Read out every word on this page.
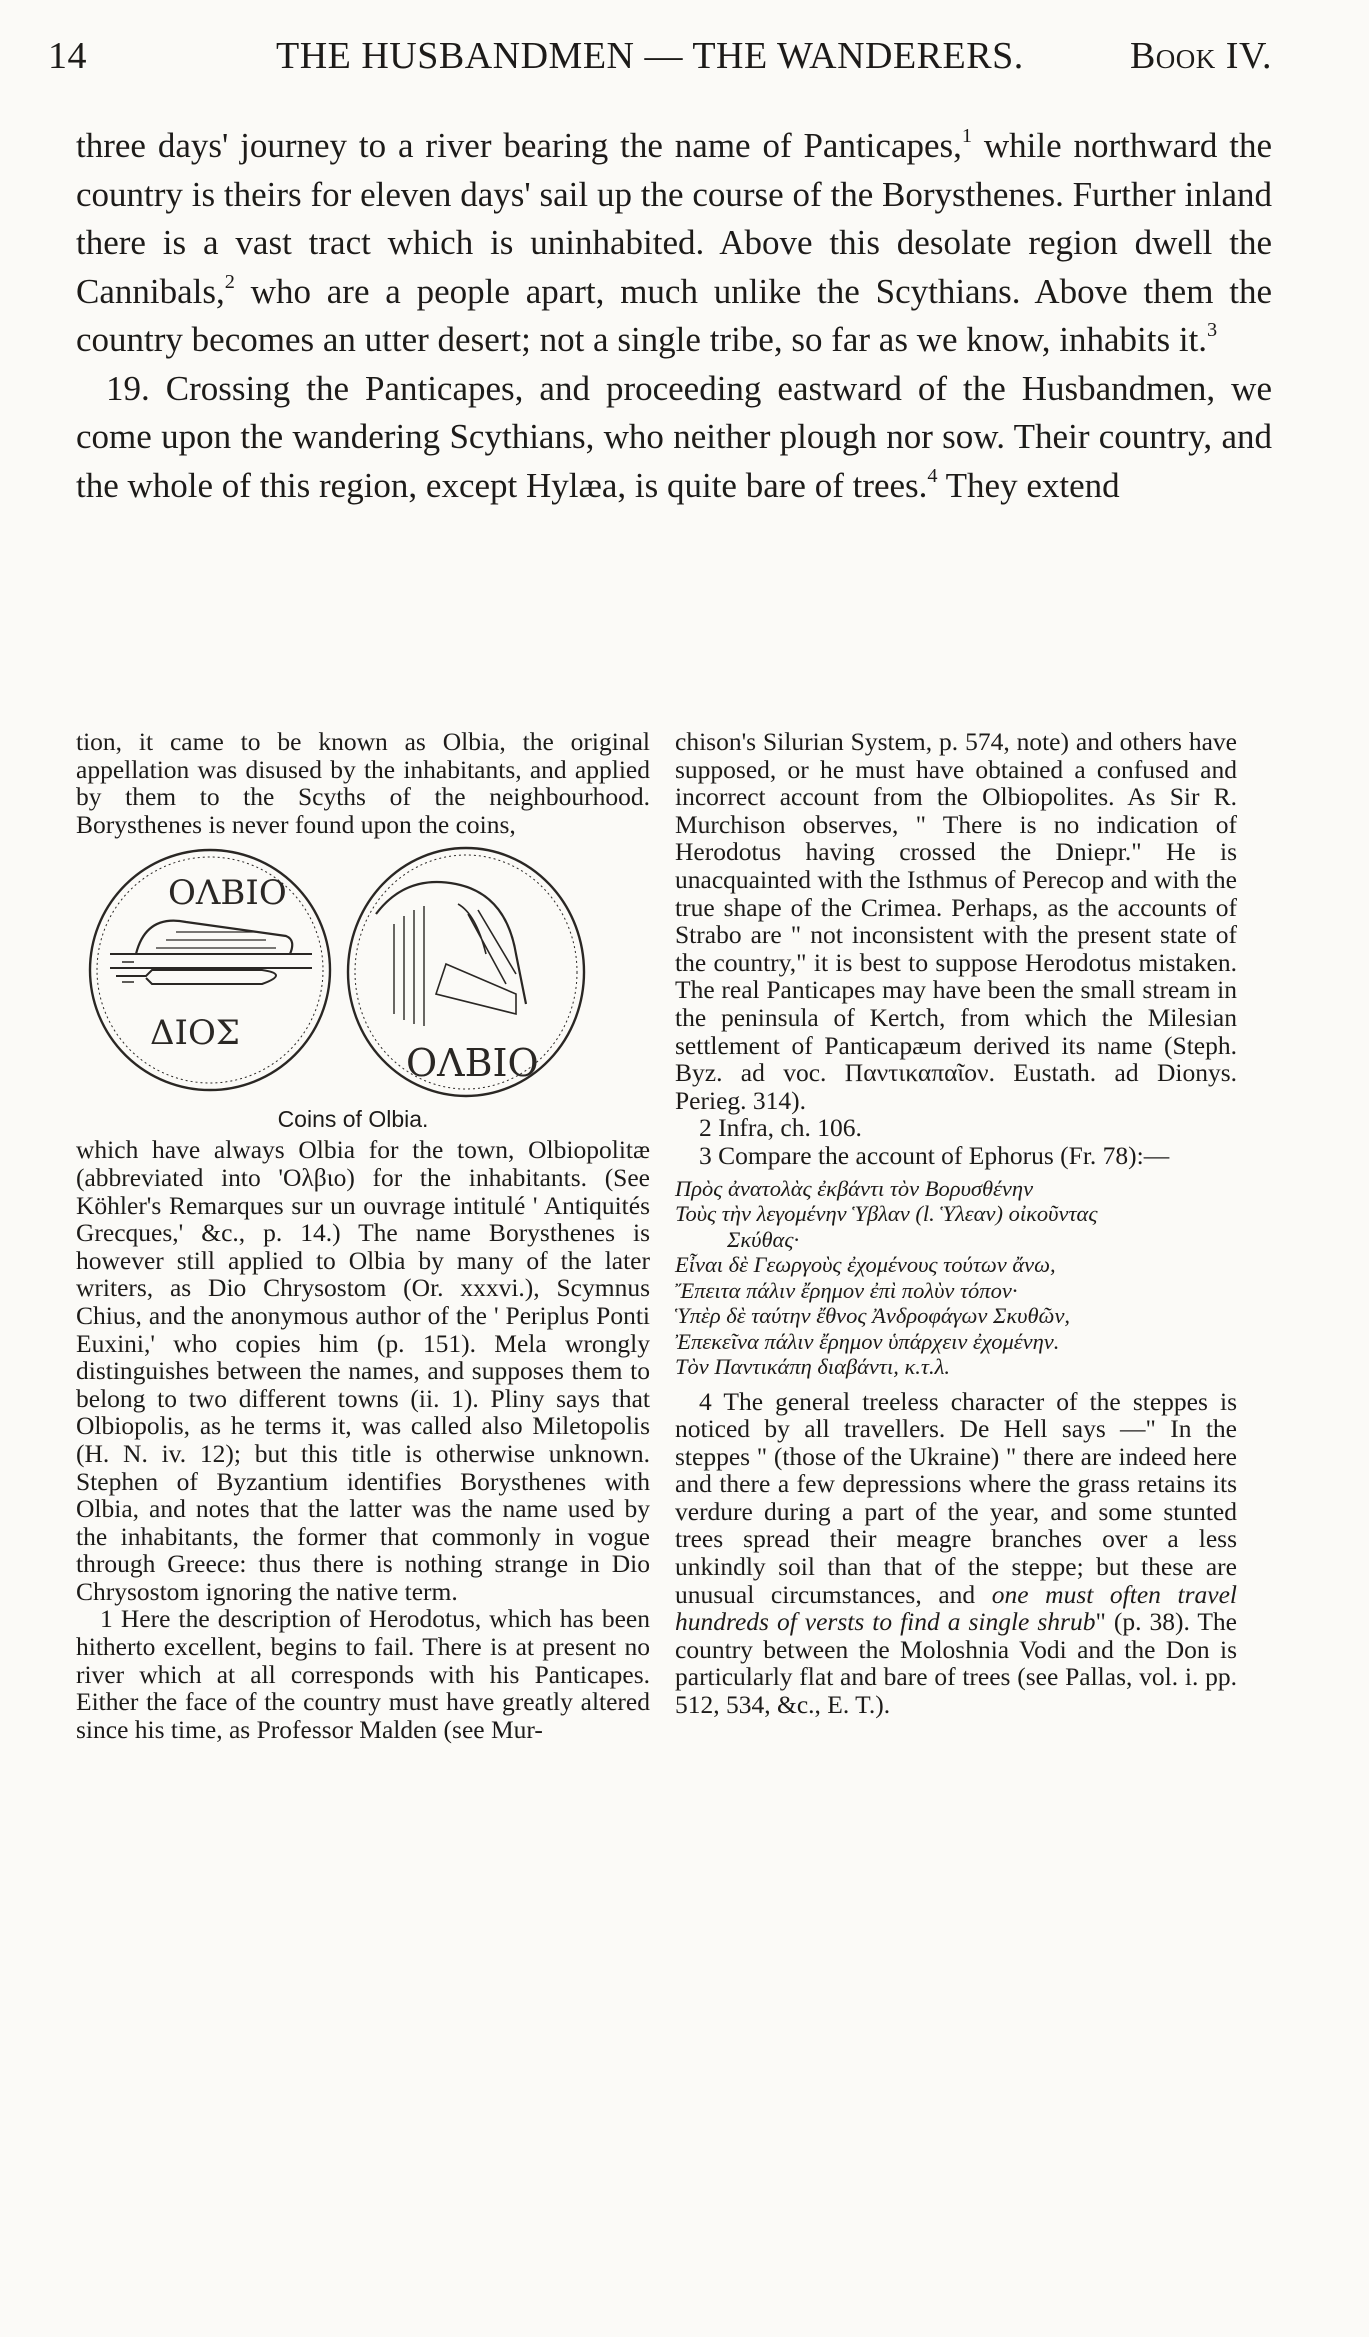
14	THE HUSBANDMEN — THE WANDERERS.	Book IV.

three days' journey to a river bearing the name of Panticapes,$^1$ while northward the country is theirs for eleven days' sail up the course of the Borysthenes. Further inland there is a vast tract which is uninhabited. Above this desolate region dwell the Cannibals,$^2$ who are a people apart, much unlike the Scythians. Above them the country becomes an utter desert; not a single tribe, so far as we know, inhabits it.$^3$

19. Crossing the Panticapes, and proceeding eastward of the Husbandmen, we come upon the wandering Scythians, who neither plough nor sow. Their country, and the whole of this region, except Hylæa, is quite bare of trees.$^4$ They extend

tion, it came to be known as Olbia, the original appellation was disused by the inhabitants, and applied by them to the Scyths of the neighbourhood. Borysthenes is never found upon the coins,

ΟΛΒΙΟ
ΔΙΟΣ
ΟΛΒΙΟ

Coins of Olbia.

which have always Olbia for the town, Olbiopolitæ (abbreviated into 'Ολβιο) for the inhabitants. (See Köhler's Remarques sur un ouvrage intitulé ' Antiquités Grecques,' &c., p. 14.) The name Borysthenes is however still applied to Olbia by many of the later writers, as Dio Chrysostom (Or. xxxvi.), Scymnus Chius, and the anonymous author of the ' Periplus Ponti Euxini,' who copies him (p. 151). Mela wrongly distinguishes between the names, and supposes them to belong to two different towns (ii. 1). Pliny says that Olbiopolis, as he terms it, was called also Miletopolis (H. N. iv. 12); but this title is otherwise unknown. Stephen of Byzantium identifies Borysthenes with Olbia, and notes that the latter was the name used by the inhabitants, the former that commonly in vogue through Greece: thus there is nothing strange in Dio Chrysostom ignoring the native term.

1 Here the description of Herodotus, which has been hitherto excellent, begins to fail. There is at present no river which at all corresponds with his Panticapes. Either the face of the country must have greatly altered since his time, as Professor Malden (see Mur-

chison's Silurian System, p. 574, note) and others have supposed, or he must have obtained a confused and incorrect account from the Olbiopolites. As Sir R. Murchison observes, " There is no indication of Herodotus having crossed the Dniepr." He is unacquainted with the Isthmus of Perecop and with the true shape of the Crimea. Perhaps, as the accounts of Strabo are " not inconsistent with the present state of the country," it is best to suppose Herodotus mistaken. The real Panticapes may have been the small stream in the peninsula of Kertch, from which the Milesian settlement of Panticapæum derived its name (Steph. Byz. ad voc. Παντικαπαῖον. Eustath. ad Dionys. Perieg. 314).

2 Infra, ch. 106.

3 Compare the account of Ephorus (Fr. 78):—

Πρὸς ἀνατολὰς ἐκβάντι τὸν Βορυσθένην
Τοὺς τὴν λεγομένην Ὑβλαν (l. Ὑλεαν) οἰκοῦντας
Σκύθας·
Εἶναι δὲ Γεωργοὺς ἐχομένους τούτων ἄνω,
Ἔπειτα πάλιν ἔρημον ἐπὶ πολὺν τόπον·
Ὑπὲρ δὲ ταύτην ἔθνος Ἀνδροφάγων Σκυθῶν,
Ἐπεκεῖνα πάλιν ἔρημον ὑπάρχειν ἐχομένην.
Τὸν Παντικάπη διαβάντι, κ.τ.λ.

4 The general treeless character of the steppes is noticed by all travellers. De Hell says —" In the steppes " (those of the Ukraine) " there are indeed here and there a few depressions where the grass retains its verdure during a part of the year, and some stunted trees spread their meagre branches over a less unkindly soil than that of the steppe; but these are unusual circumstances, and one must often travel hundreds of versts to find a single shrub" (p. 38). The country between the Moloshnia Vodi and the Don is particularly flat and bare of trees (see Pallas, vol. i. pp. 512, 534, &c., E. T.).
